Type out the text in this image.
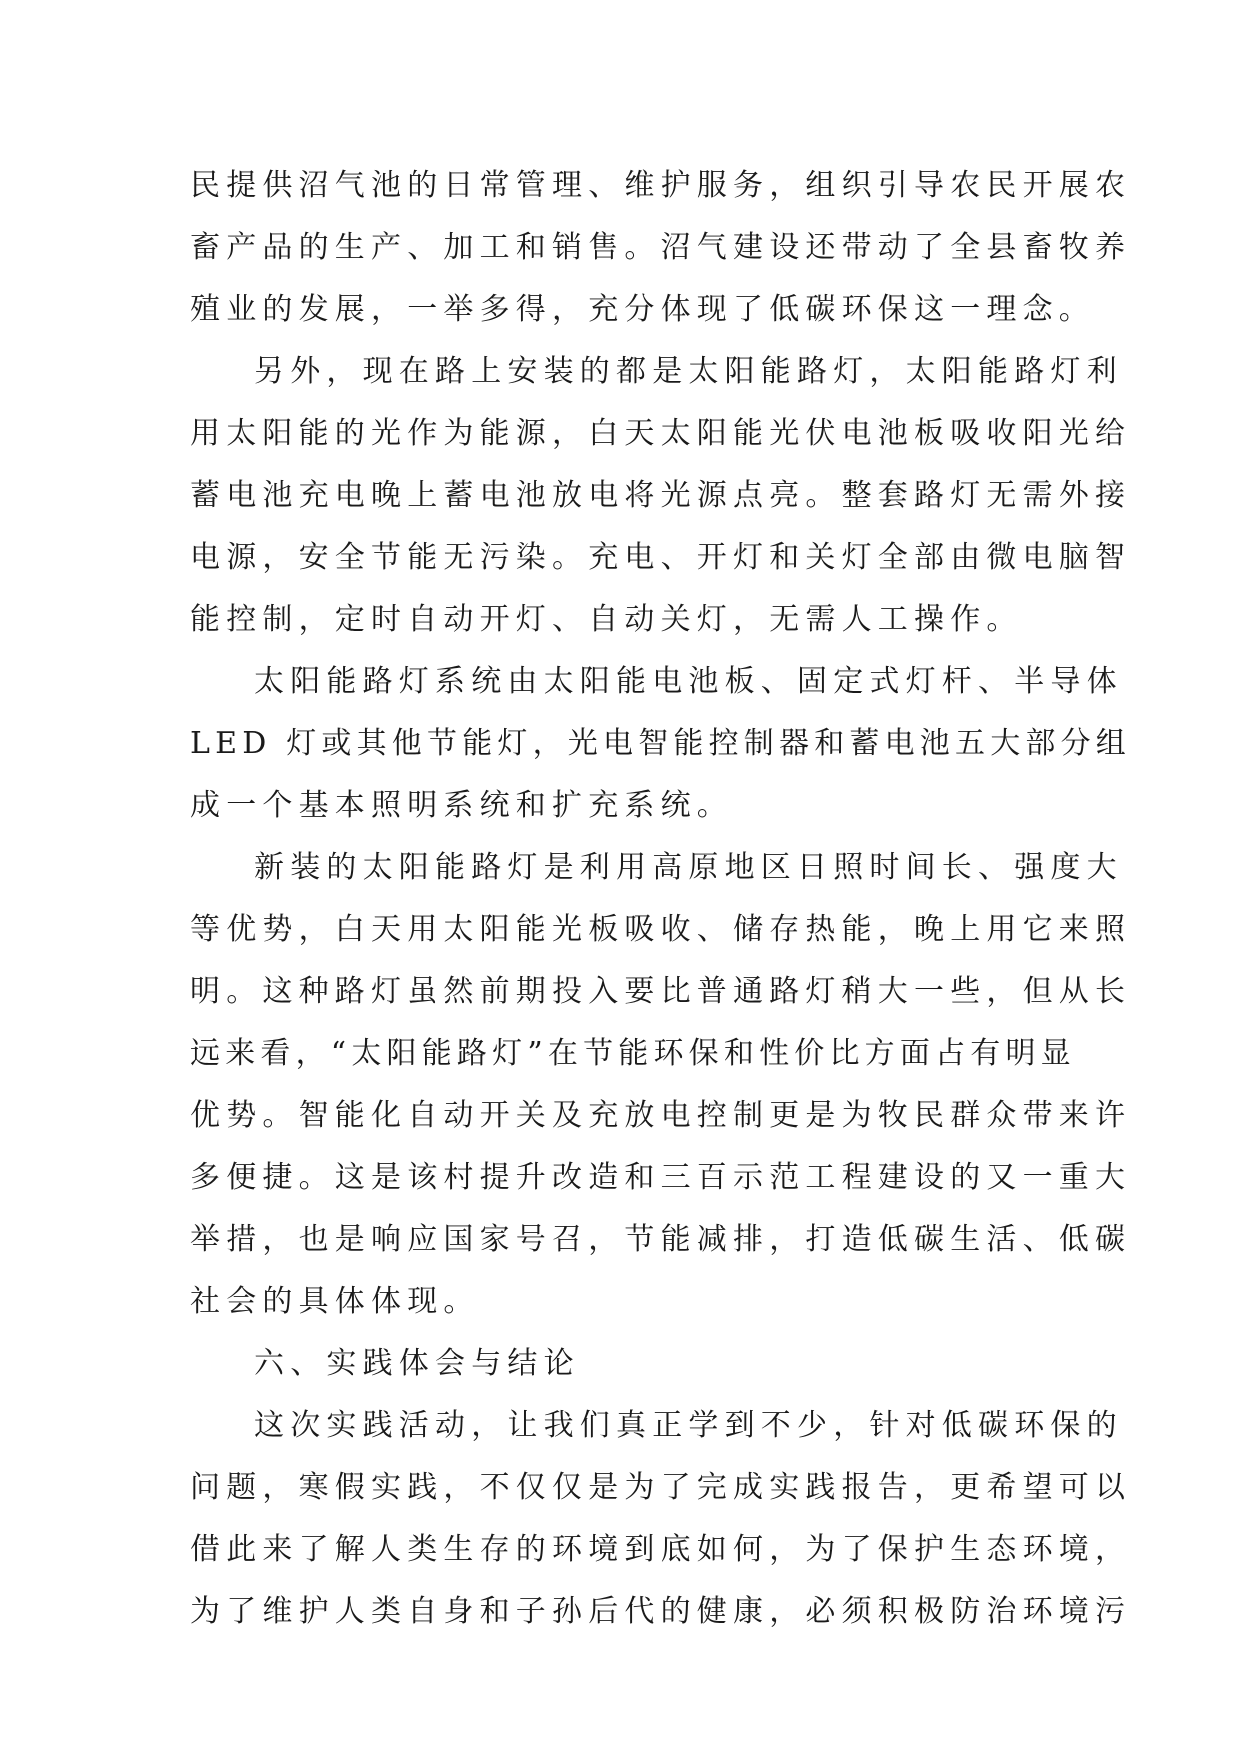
民提供沼气池的日常管理、维护服务，组织引导农民开展农
畜产品的生产、加工和销售。沼气建设还带动了全县畜牧养
殖业的发展，一举多得，充分体现了低碳环保这一理念。
另外，现在路上安装的都是太阳能路灯，太阳能路灯利
用太阳能的光作为能源，白天太阳能光伏电池板吸收阳光给
蓄电池充电晚上蓄电池放电将光源点亮。整套路灯无需外接
电源，安全节能无污染。充电、开灯和关灯全部由微电脑智
能控制，定时自动开灯、自动关灯，无需人工操作。
太阳能路灯系统由太阳能电池板、固定式灯杆、半导体
LED 灯或其他节能灯，光电智能控制器和蓄电池五大部分组
成一个基本照明系统和扩充系统。
新装的太阳能路灯是利用高原地区日照时间长、强度大
等优势，白天用太阳能光板吸收、储存热能，晚上用它来照
明。这种路灯虽然前期投入要比普通路灯稍大一些，但从长
远来看，“太阳能路灯”在节能环保和性价比方面占有明显
优势。智能化自动开关及充放电控制更是为牧民群众带来许
多便捷。这是该村提升改造和三百示范工程建设的又一重大
举措，也是响应国家号召，节能减排，打造低碳生活、低碳
社会的具体体现。
六、实践体会与结论
这次实践活动，让我们真正学到不少，针对低碳环保的
问题，寒假实践，不仅仅是为了完成实践报告，更希望可以
借此来了解人类生存的环境到底如何，为了保护生态环境，
为了维护人类自身和子孙后代的健康，必须积极防治环境污
